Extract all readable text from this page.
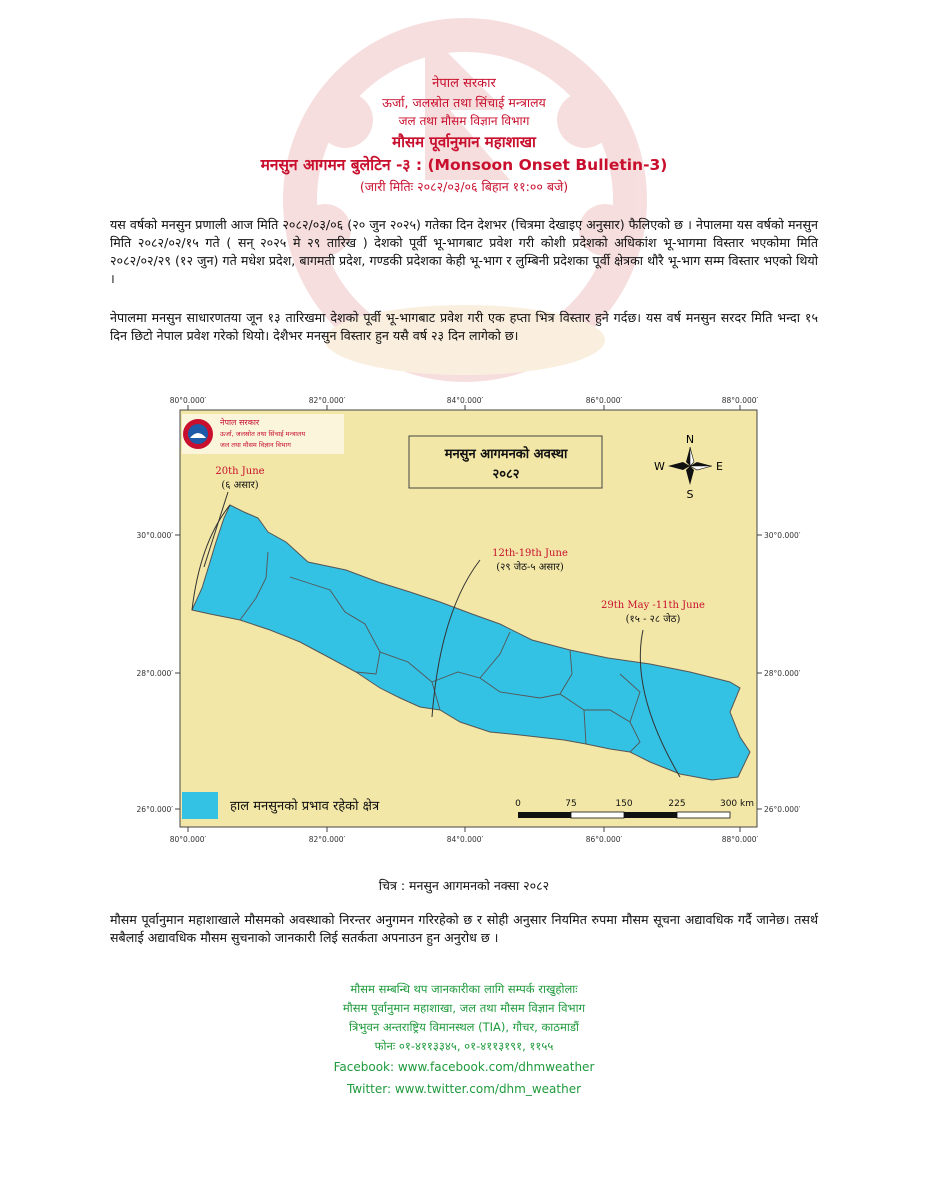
नेपाल सरकार
ऊर्जा, जलस्रोत तथा सिंचाई मन्त्रालय
जल तथा मौसम विज्ञान विभाग
मौसम पूर्वानुमान महाशाखा
मनसुन आगमन बुलेटिन -३ : (Monsoon Onset Bulletin-3)
(जारी मितिः २०८२/०३/०६ बिहान ११:०० बजे)

यस वर्षको मनसुन प्रणाली आज मिति २०८२/०३/०६ (२० जुन २०२५) गतेका दिन देशभर (चित्रमा देखाइए अनुसार) फैलिएको छ । नेपालमा यस वर्षको मनसुन मिति २०८२/०२/१५ गते ( सन् २०२५ मे २९ तारिख ) देशको पूर्वी भू-भागबाट प्रवेश गरी कोशी प्रदेशको अधिकांश भू-भागमा विस्तार भएकोमा मिति २०८२/०२/२९ (१२ जुन) गते मधेश प्रदेश, बागमती प्रदेश, गण्डकी प्रदेशका केही भू-भाग र लुम्बिनी प्रदेशका पूर्वी क्षेत्रका थौरै भू-भाग सम्म विस्तार भएको थियो ।

नेपालमा मनसुन साधारणतया जून १३ तारिखमा देशको पूर्वी भू-भागबाट प्रवेश गरी एक हप्ता भित्र विस्तार हुने गर्दछ। यस वर्ष मनसुन सरदर मिति भन्दा १५ दिन छिटो नेपाल प्रवेश गरेको थियो। देशैभर मनसुन विस्तार हुन यसै वर्ष २३ दिन लागेको छ।

80°0.000′	82°0.000′	84°0.000′	86°0.000′	88°0.000′
80°0.000′	82°0.000′	84°0.000′	86°0.000′	88°0.000′
30°0.000′
28°0.000′
26°0.000′
30°0.000′
28°0.000′
26°0.000′
नेपाल सरकार
ऊर्जा, जलस्रोत तथा सिंचाई मन्त्रालय
जल तथा मौसम विज्ञान विभाग
मनसुन आगमनको अवस्था
२०८२
N
S
E
W
20th June
(६ असार)
12th-19th June
(२९ जेठ-५ असार)
29th May -11th June
(१५ - २८ जेठ)
हाल मनसुनको प्रभाव रहेको क्षेत्र	0	75	150	225	300 km
चित्र : मनसुन आगमनको नक्सा २०८२

मौसम पूर्वानुमान महाशाखाले मौसमको अवस्थाको निरन्तर अनुगमन गरिरहेको छ र सोही अनुसार नियमित रुपमा मौसम सूचना अद्यावधिक गर्दै जानेछ। तसर्थ सबैलाई अद्यावधिक मौसम सुचनाको जानकारी लिई सतर्कता अपनाउन हुन अनुरोध छ ।

मौसम सम्बन्धि थप जानकारीका लागि सम्पर्क राखुहोलाः
मौसम पूर्वानुमान महाशाखा, जल तथा मौसम विज्ञान विभाग
त्रिभुवन अन्तराष्ट्रिय विमानस्थल (TIA), गौचर, काठमाडौं
फोनः ०१-४११३३४५, ०१-४११३१९१, ११५५
Facebook: www.facebook.com/dhmweather
Twitter: www.twitter.com/dhm_weather
